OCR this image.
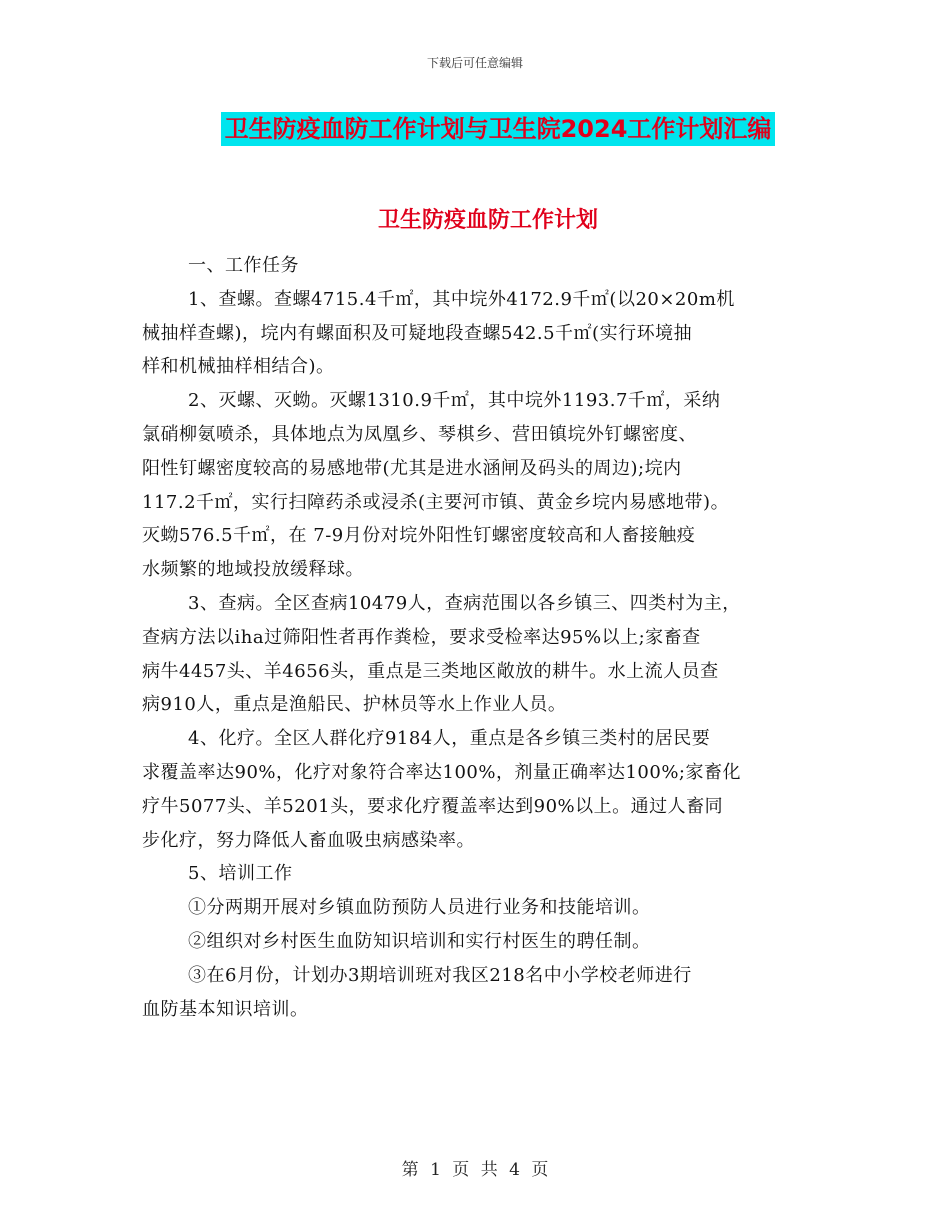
下载后可任意编辑
卫生防疫血防工作计划与卫生院2024工作计划汇编
卫生防疫血防工作计划
一、工作任务
1、查螺。查螺4715.4千㎡，其中垸外4172.9千㎡(以20×20m机
械抽样查螺)，垸内有螺面积及可疑地段查螺542.5千㎡(实行环境抽
样和机械抽样相结合)。
2、灭螺、灭蚴。灭螺1310.9千㎡，其中垸外1193.7千㎡，采纳
氯硝柳氨喷杀，具体地点为凤凰乡、琴棋乡、营田镇垸外钉螺密度、
阳性钉螺密度较高的易感地带(尤其是进水涵闸及码头的周边);垸内
117.2千㎡，实行扫障药杀或浸杀(主要河市镇、黄金乡垸内易感地带)。
灭蚴576.5千㎡，在 7-9月份对垸外阳性钉螺密度较高和人畜接触疫
水频繁的地域投放缓释球。
3、查病。全区查病10479人，查病范围以各乡镇三、四类村为主，
查病方法以iha过筛阳性者再作粪检，要求受检率达95%以上;家畜查
病牛4457头、羊4656头，重点是三类地区敞放的耕牛。水上流人员查
病910人，重点是渔船民、护林员等水上作业人员。
4、化疗。全区人群化疗9184人，重点是各乡镇三类村的居民要
求覆盖率达90%，化疗对象符合率达100%，剂量正确率达100%;家畜化
疗牛5077头、羊5201头，要求化疗覆盖率达到90%以上。通过人畜同
步化疗，努力降低人畜血吸虫病感染率。
5、培训工作
①分两期开展对乡镇血防预防人员进行业务和技能培训。
②组织对乡村医生血防知识培训和实行村医生的聘任制。
③在6月份，计划办3期培训班对我区218名中小学校老师进行
血防基本知识培训。
第 1 页 共 4 页
